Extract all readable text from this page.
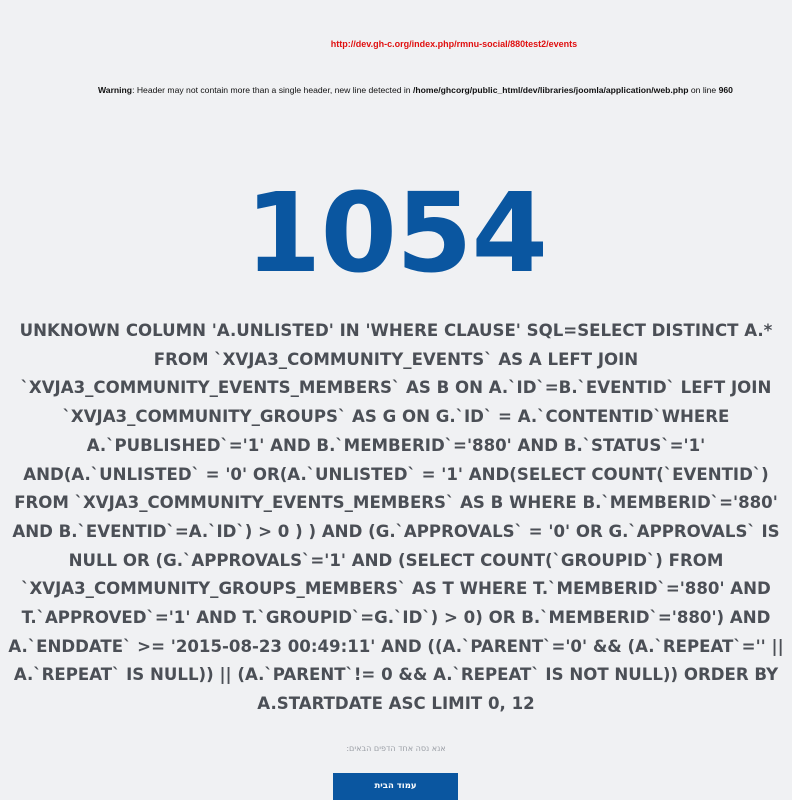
http://dev.gh-c.org/index.php/rmnu-social/880test2/events
Warning: Header may not contain more than a single header, new line detected in /home/ghcorg/public_html/dev/libraries/joomla/application/web.php on line 960
1054
UNKNOWN COLUMN 'A.UNLISTED' IN 'WHERE CLAUSE' SQL=SELECT DISTINCT A.* FROM `XVJA3_COMMUNITY_EVENTS` AS A LEFT JOIN `XVJA3_COMMUNITY_EVENTS_MEMBERS` AS B ON A.`ID`=B.`EVENTID` LEFT JOIN `XVJA3_COMMUNITY_GROUPS` AS G ON G.`ID` = A.`CONTENTID`WHERE A.`PUBLISHED`='1' AND B.`MEMBERID`='880' AND B.`STATUS`='1' AND(A.`UNLISTED` = '0' OR(A.`UNLISTED` = '1' AND(SELECT COUNT(`EVENTID`) FROM `XVJA3_COMMUNITY_EVENTS_MEMBERS` AS B WHERE B.`MEMBERID`='880' AND B.`EVENTID`=A.`ID`) > 0 ) ) AND (G.`APPROVALS` = '0' OR G.`APPROVALS` IS NULL OR (G.`APPROVALS`='1' AND (SELECT COUNT(`GROUPID`) FROM `XVJA3_COMMUNITY_GROUPS_MEMBERS` AS T WHERE T.`MEMBERID`='880' AND T.`APPROVED`='1' AND T.`GROUPID`=G.`ID`) > 0) OR B.`MEMBERID`='880') AND A.`ENDDATE` >= '2015-08-23 00:49:11' AND ((A.`PARENT`='0' && (A.`REPEAT`='' || A.`REPEAT` IS NULL)) || (A.`PARENT`!= 0 && A.`REPEAT` IS NOT NULL)) ORDER BY A.STARTDATE ASC LIMIT 0, 12
אנא נסה אחד הדפים הבאים:
עמוד הבית
